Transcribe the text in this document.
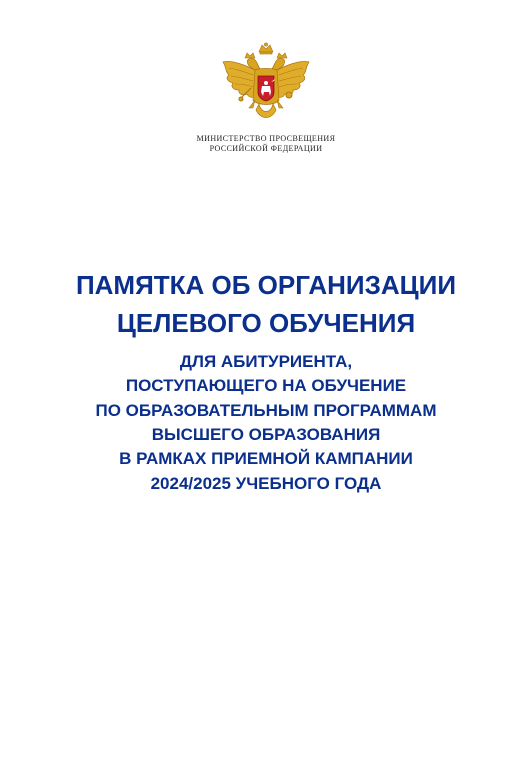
МИНИСТЕРСТВО ПРОСВЕЩЕНИЯ
РОССИЙСКОЙ ФЕДЕРАЦИИ
ПАМЯТКА ОБ ОРГАНИЗАЦИИ
ЦЕЛЕВОГО ОБУЧЕНИЯ
ДЛЯ АБИТУРИЕНТА,
ПОСТУПАЮЩЕГО НА ОБУЧЕНИЕ
ПО ОБРАЗОВАТЕЛЬНЫМ ПРОГРАММАМ
ВЫСШЕГО ОБРАЗОВАНИЯ
В РАМКАХ ПРИЕМНОЙ КАМПАНИИ
2024/2025 УЧЕБНОГО ГОДА
